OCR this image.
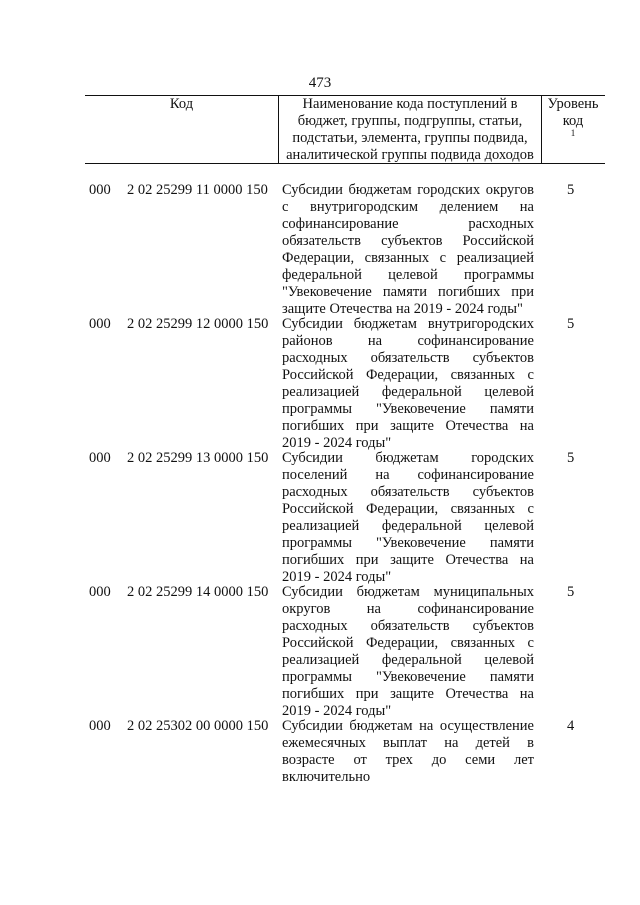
473
Код	Наименование кода поступлений в бюджет, группы, подгруппы, статьи, подстатьи, элемента, группы подвида, аналитической группы подвида доходов
Уровень код
$^1$
000 2 02 25299 11 0000 150 Субсидии бюджетам городских округов с внутригородским делением на софинансирование расходных обязательств субъектов Российской Федерации, связанных с реализацией федеральной целевой программы "Увековечение памяти погибших при защите Отечества на 2019 - 2024 годы"
5
000 2 02 25299 12 0000 150 Субсидии бюджетам внутригородских районов на софинансирование расходных обязательств субъектов Российской Федерации, связанных с реализацией федеральной целевой программы "Увековечение памяти погибших при защите Отечества на 2019 - 2024 годы"
5
000 2 02 25299 13 0000 150 Субсидии бюджетам городских поселений на софинансирование расходных обязательств субъектов Российской Федерации, связанных с реализацией федеральной целевой программы "Увековечение памяти погибших при защите Отечества на 2019 - 2024 годы"
5
000 2 02 25299 14 0000 150 Субсидии бюджетам муниципальных округов на софинансирование расходных обязательств субъектов Российской Федерации, связанных с реализацией федеральной целевой программы "Увековечение памяти погибших при защите Отечества на 2019 - 2024 годы"
5
000 2 02 25302 00 0000 150 Субсидии бюджетам на осуществление ежемесячных выплат на детей в возрасте от трех до семи лет включительно
4
